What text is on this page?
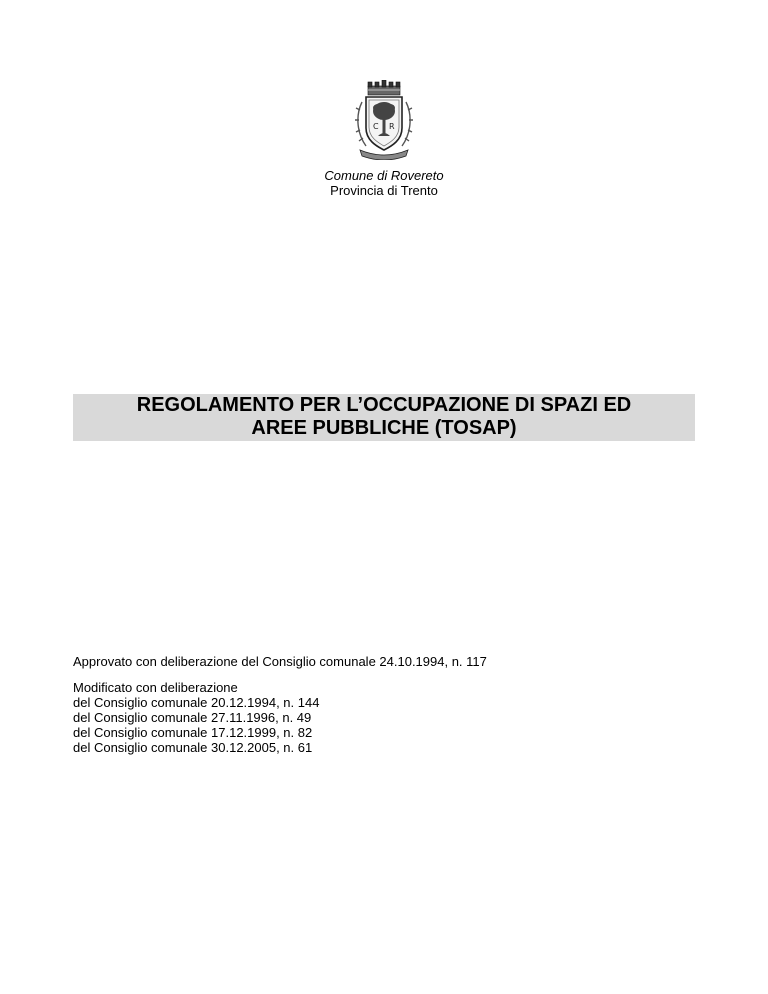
C R
Comune di Rovereto
Provincia di Trento
REGOLAMENTO PER L’OCCUPAZIONE DI SPAZI ED
AREE PUBBLICHE (TOSAP)
Approvato con deliberazione del Consiglio comunale 24.10.1994, n. 117
Modificato con deliberazione
del Consiglio comunale 20.12.1994, n. 144
del Consiglio comunale 27.11.1996, n. 49
del Consiglio comunale 17.12.1999, n. 82
del Consiglio comunale 30.12.2005, n. 61
